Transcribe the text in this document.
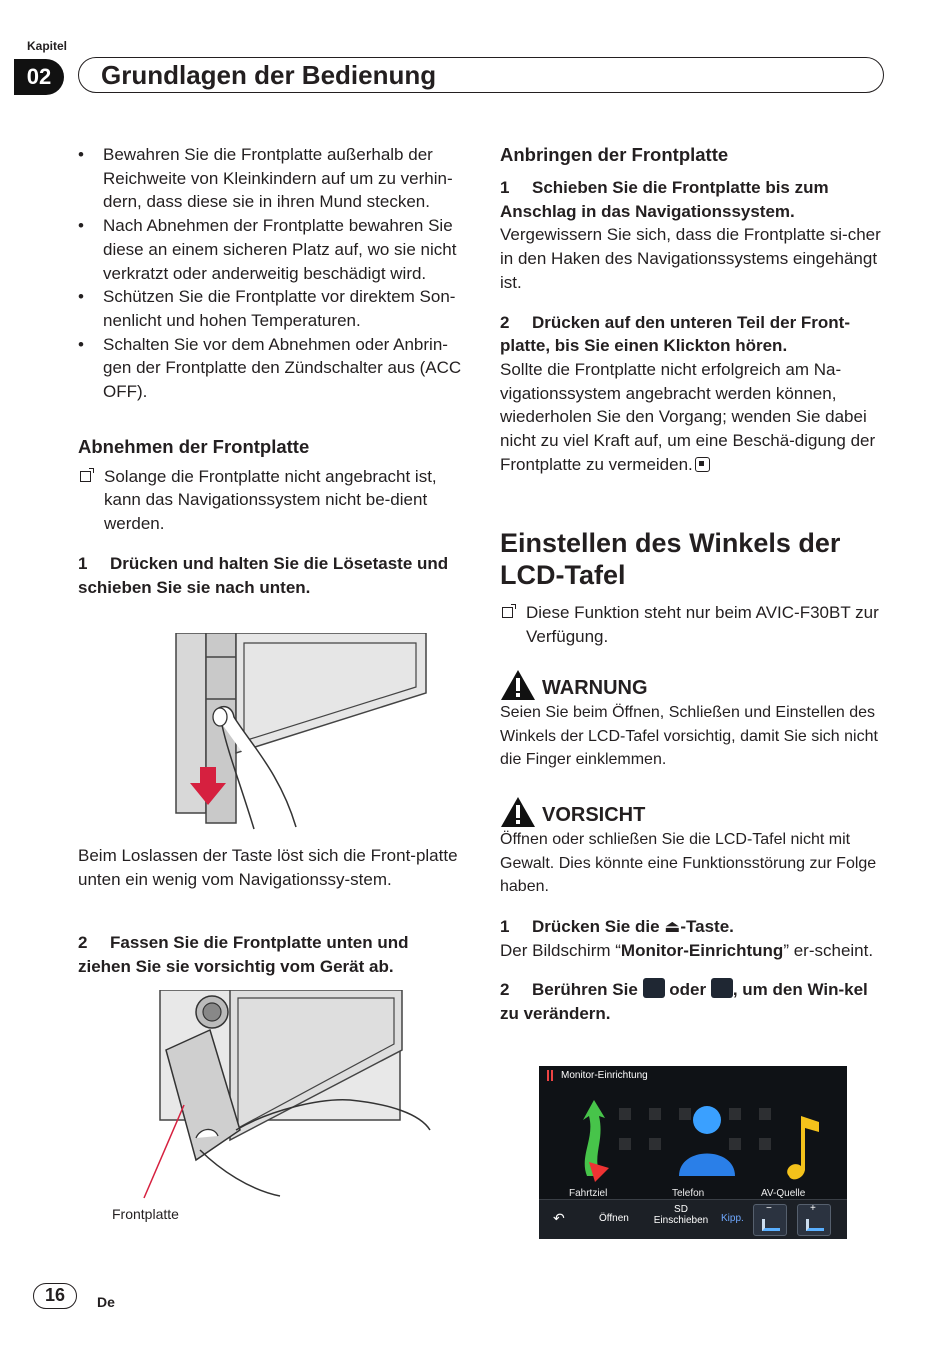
Kapitel
02	Grundlagen der Bedienung
• Bewahren Sie die Frontplatte außerhalb der Reichweite von Kleinkindern auf um zu verhin-dern, dass diese sie in ihren Mund stecken.
• Nach Abnehmen der Frontplatte bewahren Sie diese an einem sicheren Platz auf, wo sie nicht verkratzt oder anderweitig beschädigt wird.
• Schützen Sie die Frontplatte vor direktem Son-nenlicht und hohen Temperaturen.
• Schalten Sie vor dem Abnehmen oder Anbrin-gen der Frontplatte den Zündschalter aus (ACC OFF).
Abnehmen der Frontplatte
Solange die Frontplatte nicht angebracht ist, kann das Navigationssystem nicht be-dient werden.
1 Drücken und halten Sie die Lösetaste und schieben Sie sie nach unten.
Beim Loslassen der Taste löst sich die Front-platte unten ein wenig vom Navigationssy-stem.
2 Fassen Sie die Frontplatte unten und ziehen Sie sie vorsichtig vom Gerät ab.
Frontplatte
Anbringen der Frontplatte
1 Schieben Sie die Frontplatte bis zum Anschlag in das Navigationssystem.
Vergewissern Sie sich, dass die Frontplatte si-cher in den Haken des Navigationssystems eingehängt ist.
2 Drücken auf den unteren Teil der Front-platte, bis Sie einen Klickton hören.
Sollte die Frontplatte nicht erfolgreich am Na-vigationssystem angebracht werden können, wiederholen Sie den Vorgang; wenden Sie dabei nicht zu viel Kraft auf, um eine Beschä-digung der Frontplatte zu vermeiden.
Einstellen des Winkels der LCD-Tafel
Diese Funktion steht nur beim AVIC-F30BT zur Verfügung.
WARNUNG
Seien Sie beim Öffnen, Schließen und Einstellen des Winkels der LCD-Tafel vorsichtig, damit Sie sich nicht die Finger einklemmen.
VORSICHT
Öffnen oder schließen Sie die LCD-Tafel nicht mit Gewalt. Dies könnte eine Funktionsstörung zur Folge haben.
1 Drücken Sie die ⏏-Taste.
Der Bildschirm “Monitor-Einrichtung” er-scheint.
2 Berühren Sie  oder , um den Win-kel zu verändern.
Monitor-Einrichtung
Fahrtziel	Telefon	AV-Quelle
↶	Öffnen
SD
Einschieben Kipp.
−	+
16	De
